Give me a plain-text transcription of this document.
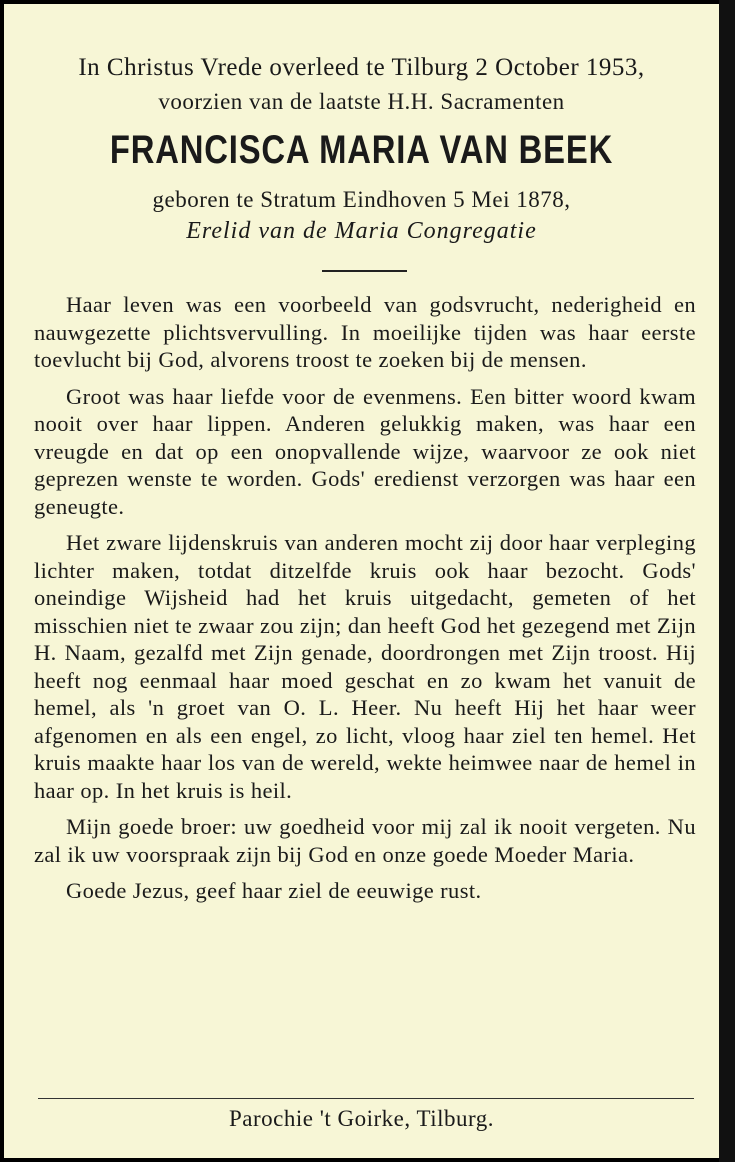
In Christus Vrede overleed te Tilburg 2 October 1953,
voorzien van de laatste H.H. Sacramenten
FRANCISCA MARIA VAN BEEK
geboren te Stratum Eindhoven 5 Mei 1878,
Erelid van de Maria Congregatie

Haar leven was een voorbeeld van godsvrucht, nederigheid en nauwgezette plichtsvervulling. In moeilijke tijden was haar eerste toevlucht bij God, alvorens troost te zoeken bij de mensen.

Groot was haar liefde voor de evenmens. Een bitter woord kwam nooit over haar lippen. Anderen gelukkig maken, was haar een vreugde en dat op een onopvallende wijze, waarvoor ze ook niet geprezen wenste te worden. Gods' eredienst verzorgen was haar een geneugte.

Het zware lijdenskruis van anderen mocht zij door haar verpleging lichter maken, totdat ditzelfde kruis ook haar bezocht. Gods' oneindige Wijsheid had het kruis uitgedacht, gemeten of het misschien niet te zwaar zou zijn; dan heeft God het gezegend met Zijn H. Naam, gezalfd met Zijn genade, doordrongen met Zijn troost. Hij heeft nog eenmaal haar moed geschat en zo kwam het vanuit de hemel, als 'n groet van O. L. Heer. Nu heeft Hij het haar weer afgenomen en als een engel, zo licht, vloog haar ziel ten hemel. Het kruis maakte haar los van de wereld, wekte heimwee naar de hemel in haar op. In het kruis is heil.

Mijn goede broer: uw goedheid voor mij zal ik nooit vergeten. Nu zal ik uw voorspraak zijn bij God en onze goede Moeder Maria.

Goede Jezus, geef haar ziel de eeuwige rust.

Parochie 't Goirke, Tilburg.
